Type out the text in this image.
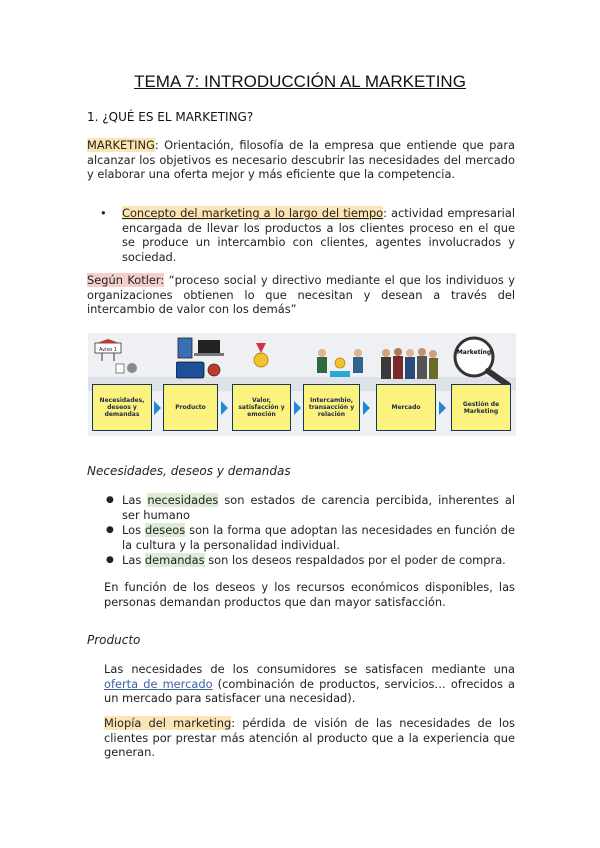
TEMA 7: INTRODUCCIÓN AL MARKETING
1. ¿QUÉ ES EL MARKETING?
MARKETING: Orientación, filosofía de la empresa que entiende que para alcanzar los objetivos es necesario descubrir las necesidades del mercado y elaborar una oferta mejor y más eficiente que la competencia.
• Concepto del marketing a lo largo del tiempo: actividad empresarial encargada de llevar los productos a los clientes proceso en el que se produce un intercambio con clientes, agentes involucrados y sociedad.
Según Kotler: “proceso social y directivo mediante el que los individuos y organizaciones obtienen lo que necesitan y desean a través del intercambio de valor con los demás”
Aviso 1	Marketing
Necesidades, deseos y demandas
Producto
Valor, satisfacción y emoción
Intercambio, transacción y relación
Mercado	Gestión de Marketing
Necesidades, deseos y demandas
● Las necesidades son estados de carencia percibida, inherentes al ser humano
● Los deseos son la forma que adoptan las necesidades en función de la cultura y la personalidad individual.
● Las demandas son los deseos respaldados por el poder de compra.
En función de los deseos y los recursos económicos disponibles, las personas demandan productos que dan mayor satisfacción.
Producto
Las necesidades de los consumidores se satisfacen mediante una oferta de mercado (combinación de productos, servicios… ofrecidos a un mercado para satisfacer una necesidad).
Miopía del marketing: pérdida de visión de las necesidades de los clientes por prestar más atención al producto que a la experiencia que generan.
